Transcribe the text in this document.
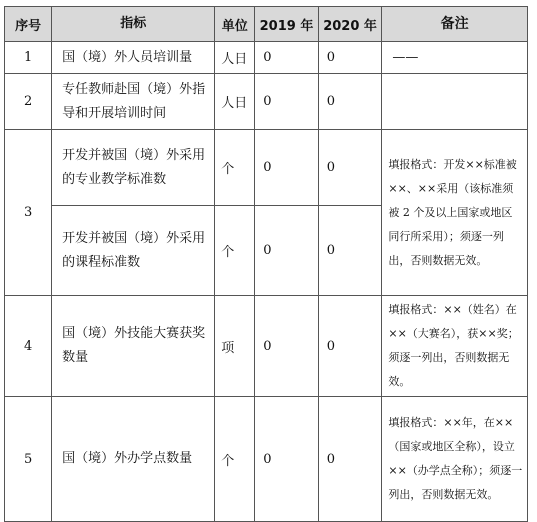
序号	指标	单位	2019 年	2020 年	备注
1	国（境）外人员培训量	人日	0	0	——
2	专任教师赴国（境）外指导和开展培训时间	人日	0	0	
3	开发并被国（境）外采用的专业教学标准数	个	0	0	填报格式：开发××标准被××、××采用（该标准须被 2 个及以上国家或地区同行所采用）；须逐一列出，否则数据无效。
	开发并被国（境）外采用的课程标准数	个	0	0	
4	国（境）外技能大赛获奖数量	项	0	0	填报格式：××（姓名）在××（大赛名），获××奖；须逐一列出，否则数据无效。
5	国（境）外办学点数量	个	0	0	填报格式：××年，在××（国家或地区全称），设立××（办学点全称）；须逐一列出，否则数据无效。
